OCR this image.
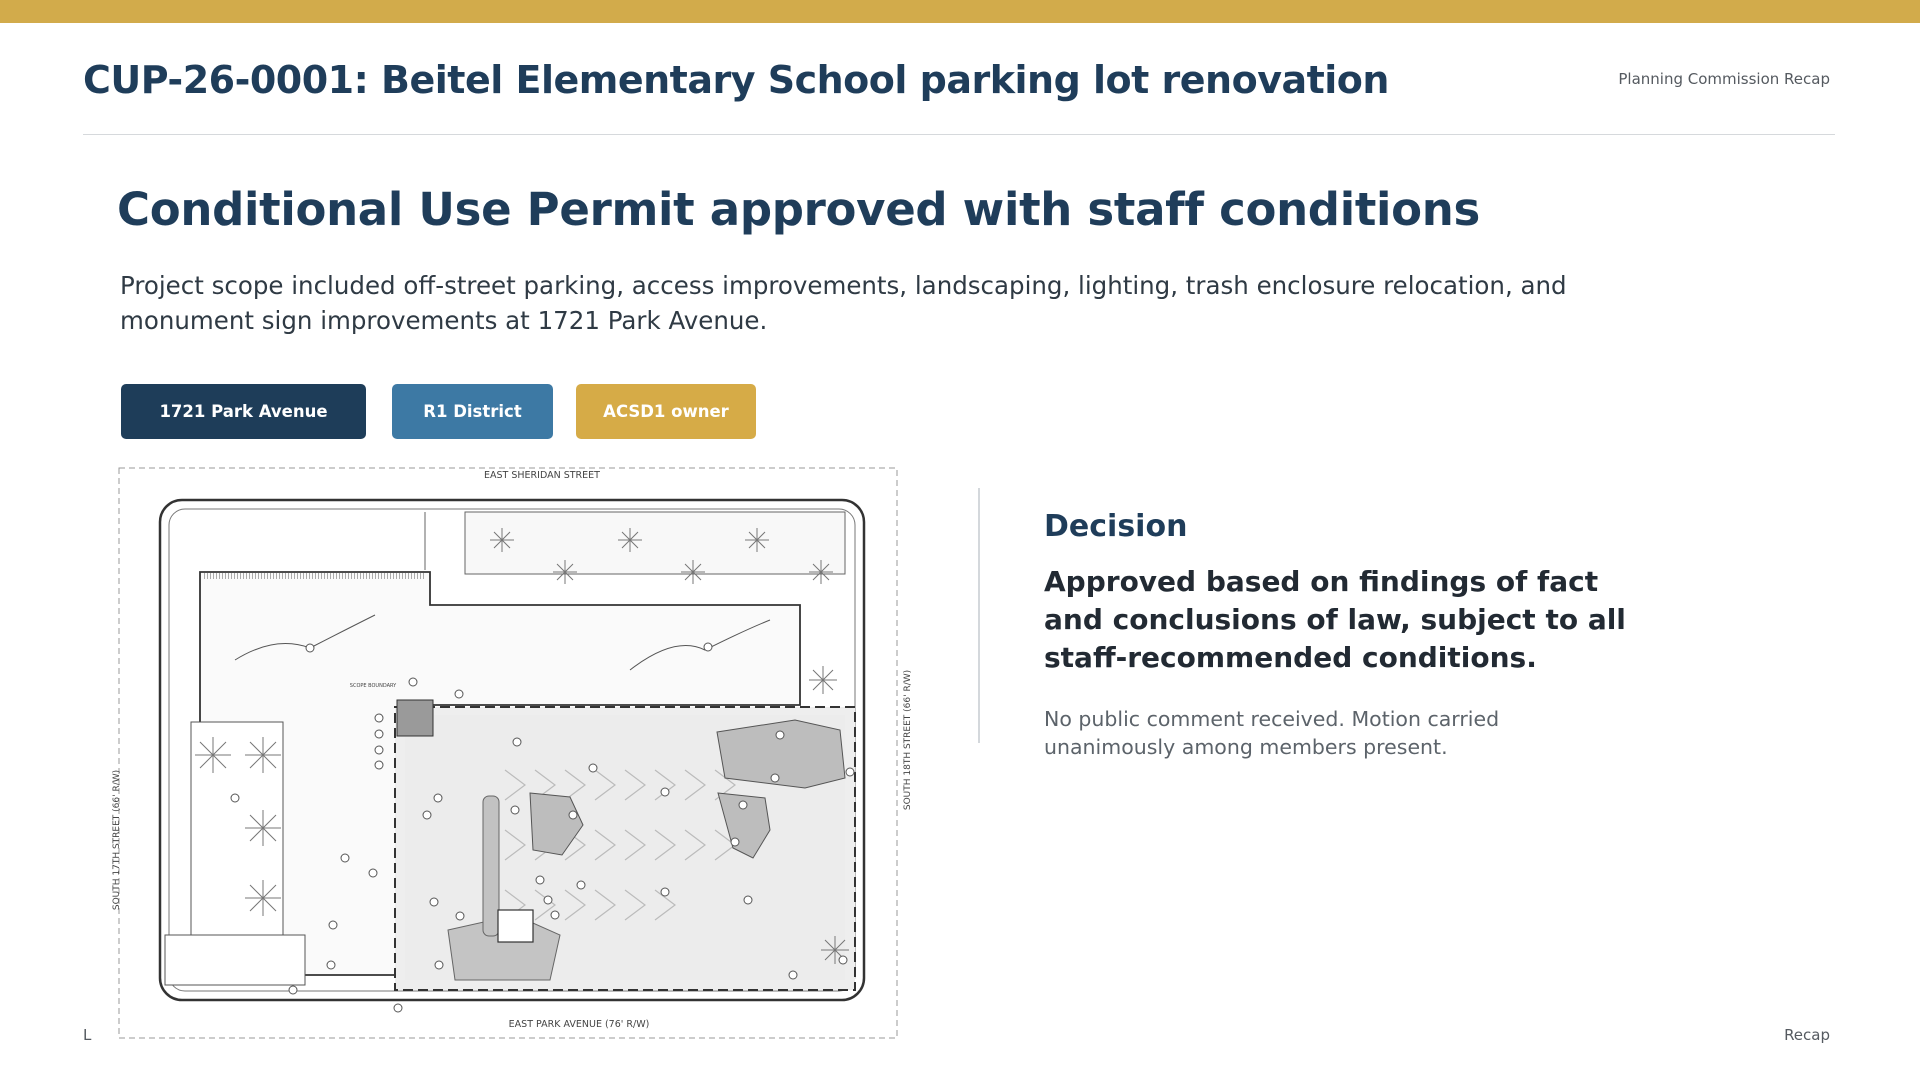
CUP-26-0001: Beitel Elementary School parking lot renovation	Planning Commission Recap
Conditional Use Permit approved with staff conditions

Project scope included off-street parking, access improvements, landscaping, lighting, trash enclosure relocation, and monument sign improvements at 1721 Park Avenue.

1721 Park Avenue	R1 District	ACSD1 owner
EAST SHERIDAN STREET
EAST PARK AVENUE (76' R/W)
SOUTH 17TH STREET (66' R/W)
SOUTH 18TH STREET (66' R/W)
SCOPE BOUNDARY
Decision

Approved based on findings of fact and conclusions of law, subject to all staff-recommended conditions.

No public comment received. Motion carried unanimously among members present.

L	Recap
